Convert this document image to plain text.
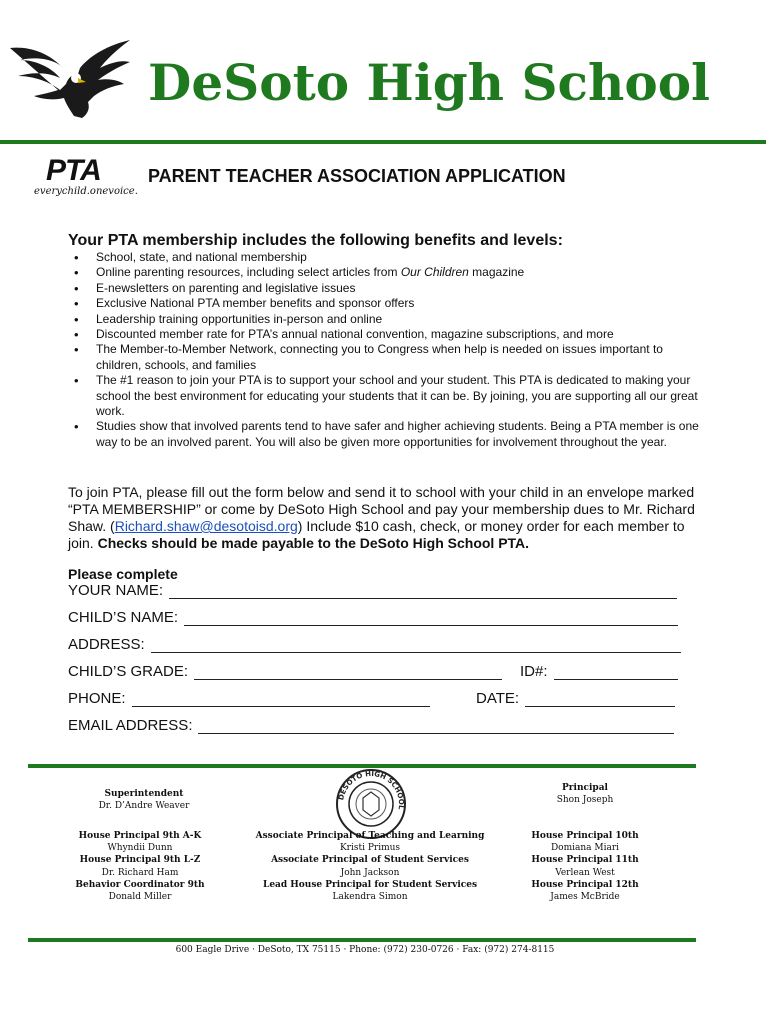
DeSoto High School
PTA
everychild.onevoice.
PARENT TEACHER ASSOCIATION APPLICATION
Your PTA membership includes the following benefits and levels:
• School, state, and national membership
• Online parenting resources, including select articles from Our Children magazine
• E-newsletters on parenting and legislative issues
• Exclusive National PTA member benefits and sponsor offers
• Leadership training opportunities in-person and online
• Discounted member rate for PTA’s annual national convention, magazine subscriptions, and more
• The Member-to-Member Network, connecting you to Congress when help is needed on issues important to children, schools, and families
• The #1 reason to join your PTA is to support your school and your student. This PTA is dedicated to making your school the best environment for educating your students that it can be. By joining, you are supporting all our great work.
• Studies show that involved parents tend to have safer and higher achieving students. Being a PTA member is one way to be an involved parent. You will also be given more opportunities for involvement throughout the year.
To join PTA, please fill out the form below and send it to school with your child in an envelope marked “PTA MEMBERSHIP” or come by DeSoto High School and pay your membership dues to Mr. Richard Shaw. (Richard.shaw@desotoisd.org) Include $10 cash, check, or money order for each member to join. Checks should be made payable to the DeSoto High School PTA.
Please complete
YOUR NAME:
CHILD’S NAME:
ADDRESS:
CHILD’S GRADE:	ID#:
PHONE:	DATE:
EMAIL ADDRESS:
Superintendent
Dr. D’Andre Weaver
DESOTO HIGH SCHOOL
Principal
Shon Joseph
House Principal 9th A-K
Whyndii Dunn
House Principal 9th L-Z
Dr. Richard Ham
Behavior Coordinator 9th
Donald Miller
Associate Principal of Teaching and Learning
Kristi Primus
Associate Principal of Student Services
John Jackson
Lead House Principal for Student Services
Lakendra Simon
House Principal 10th
Domiana Miari
House Principal 11th
Verlean West
House Principal 12th
James McBride
600 Eagle Drive · DeSoto, TX 75115 · Phone: (972) 230-0726 · Fax: (972) 274-8115
